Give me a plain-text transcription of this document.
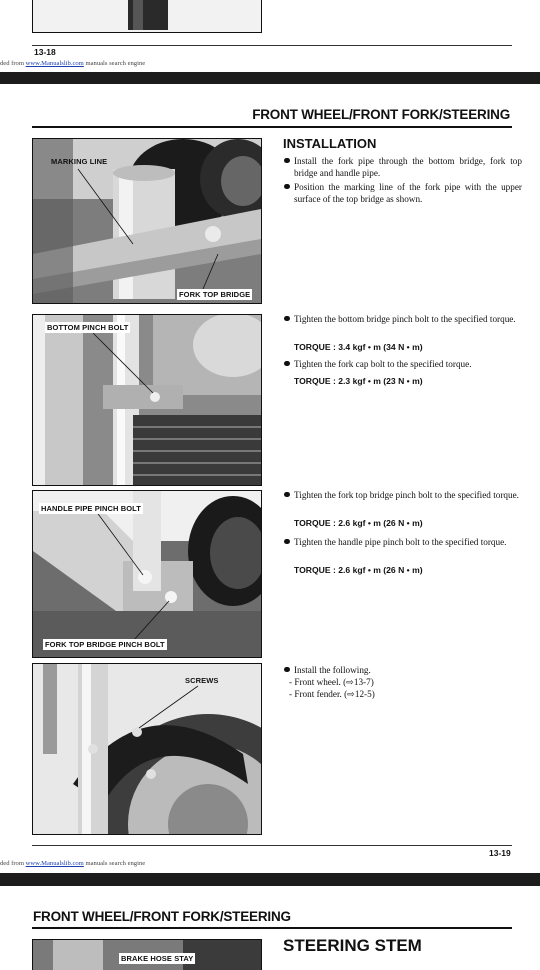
13-18
ded from www.Manualslib.com manuals search engine
FRONT WHEEL/FRONT FORK/STEERING
INSTALLATION
MARKING LINE
FORK TOP BRIDGE
Install the fork pipe through the bottom bridge, fork top bridge and handle pipe.
Position the marking line of the fork pipe with the upper surface of the top bridge as shown.
BOTTOM PINCH BOLT
Tighten the bottom bridge pinch bolt to the specified torque.
TORQUE : 3.4 kgf • m (34 N • m)
Tighten the fork cap bolt to the specified torque.
TORQUE : 2.3 kgf • m (23 N • m)
HANDLE PIPE PINCH BOLT
FORK TOP BRIDGE PINCH BOLT
Tighten the fork top bridge pinch bolt to the specified torque.
TORQUE : 2.6 kgf • m (26 N • m)
Tighten the handle pipe pinch bolt to the specified torque.
TORQUE : 2.6 kgf • m (26 N • m)
SCREWS
Install the following.
- Front wheel. (⇨13-7)
- Front fender. (⇨12-5)
13-19
ded from www.Manualslib.com manuals search engine
FRONT WHEEL/FRONT FORK/STEERING
BRAKE HOSE STAY
STEERING STEM
